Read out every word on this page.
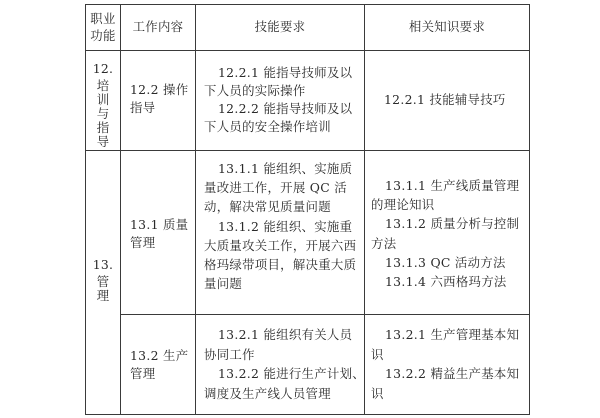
职业
功能
工作内容	技能要求	相关知识要求
12.
培
训
与
指
导
12.2 操作
指导
12.2.1 能指导技师及以
下人员的实际操作
12.2.2 能指导技师及以
下人员的安全操作培训
12.2.1 技能辅导技巧
13.
管
理
13.1 质量
管理
13.1.1 能组织、实施质
量改进工作，开展 QC 活
动，解决常见质量问题
13.1.2 能组织、实施重
大质量攻关工作，开展六西
格玛绿带项目，解决重大质
量问题
13.1.1 生产线质量管理
的理论知识
13.1.2 质量分析与控制
方法
13.1.3 QC 活动方法
13.1.4 六西格玛方法
13.2 生产
管理
13.2.1 能组织有关人员
协同工作
13.2.2 能进行生产计划、
调度及生产线人员管理
13.2.1 生产管理基本知
识
13.2.2 精益生产基本知
识
